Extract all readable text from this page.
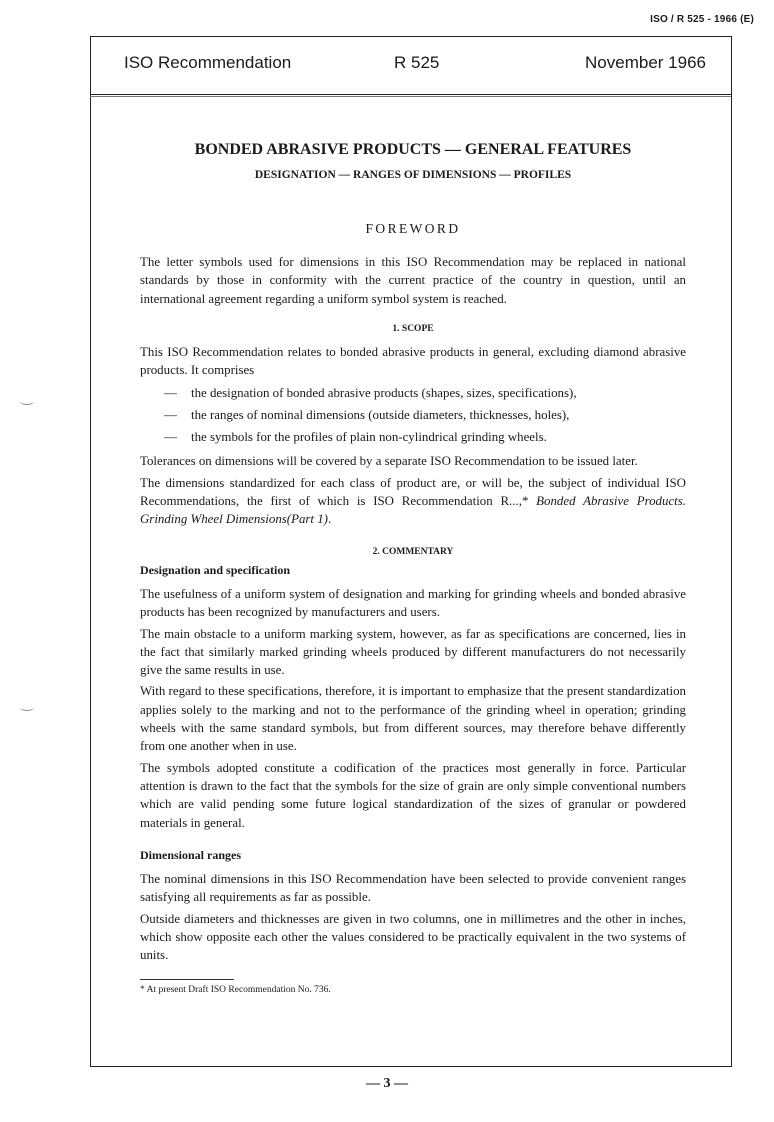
ISO / R 525 - 1966 (E)
ISO Recommendation	R 525	November 1966
BONDED ABRASIVE PRODUCTS — GENERAL FEATURES
DESIGNATION — RANGES OF DIMENSIONS — PROFILES
FOREWORD

The letter symbols used for dimensions in this ISO Recommendation may be replaced in national standards by those in conformity with the current practice of the country in question, until an international agreement regarding a uniform symbol system is reached.

1. SCOPE

This ISO Recommendation relates to bonded abrasive products in general, excluding diamond abrasive products. It comprises

— the designation of bonded abrasive products (shapes, sizes, specifications),
— the ranges of nominal dimensions (outside diameters, thicknesses, holes),
— the symbols for the profiles of plain non-cylindrical grinding wheels.

Tolerances on dimensions will be covered by a separate ISO Recommendation to be issued later.

The dimensions standardized for each class of product are, or will be, the subject of individual ISO Recommendations, the first of which is ISO Recommendation R...,* Bonded Abrasive Products. Grinding Wheel Dimensions(Part 1).

2. COMMENTARY
Designation and specification

The usefulness of a uniform system of designation and marking for grinding wheels and bonded abrasive products has been recognized by manufacturers and users.

The main obstacle to a uniform marking system, however, as far as specifications are concerned, lies in the fact that similarly marked grinding wheels produced by different manufacturers do not necessarily give the same results in use.

With regard to these specifications, therefore, it is important to emphasize that the present standardization applies solely to the marking and not to the performance of the grinding wheel in operation; grinding wheels with the same standard symbols, but from different sources, may therefore behave differently from one another when in use.

The symbols adopted constitute a codification of the practices most generally in force. Particular attention is drawn to the fact that the symbols for the size of grain are only simple conventional numbers which are valid pending some future logical standardization of the sizes of granular or powdered materials in general.

Dimensional ranges

The nominal dimensions in this ISO Recommendation have been selected to provide convenient ranges satisfying all requirements as far as possible.

Outside diameters and thicknesses are given in two columns, one in millimetres and the other in inches, which show opposite each other the values considered to be practically equivalent in the two systems of units.

* At present Draft ISO Recommendation No. 736.
— 3 —
